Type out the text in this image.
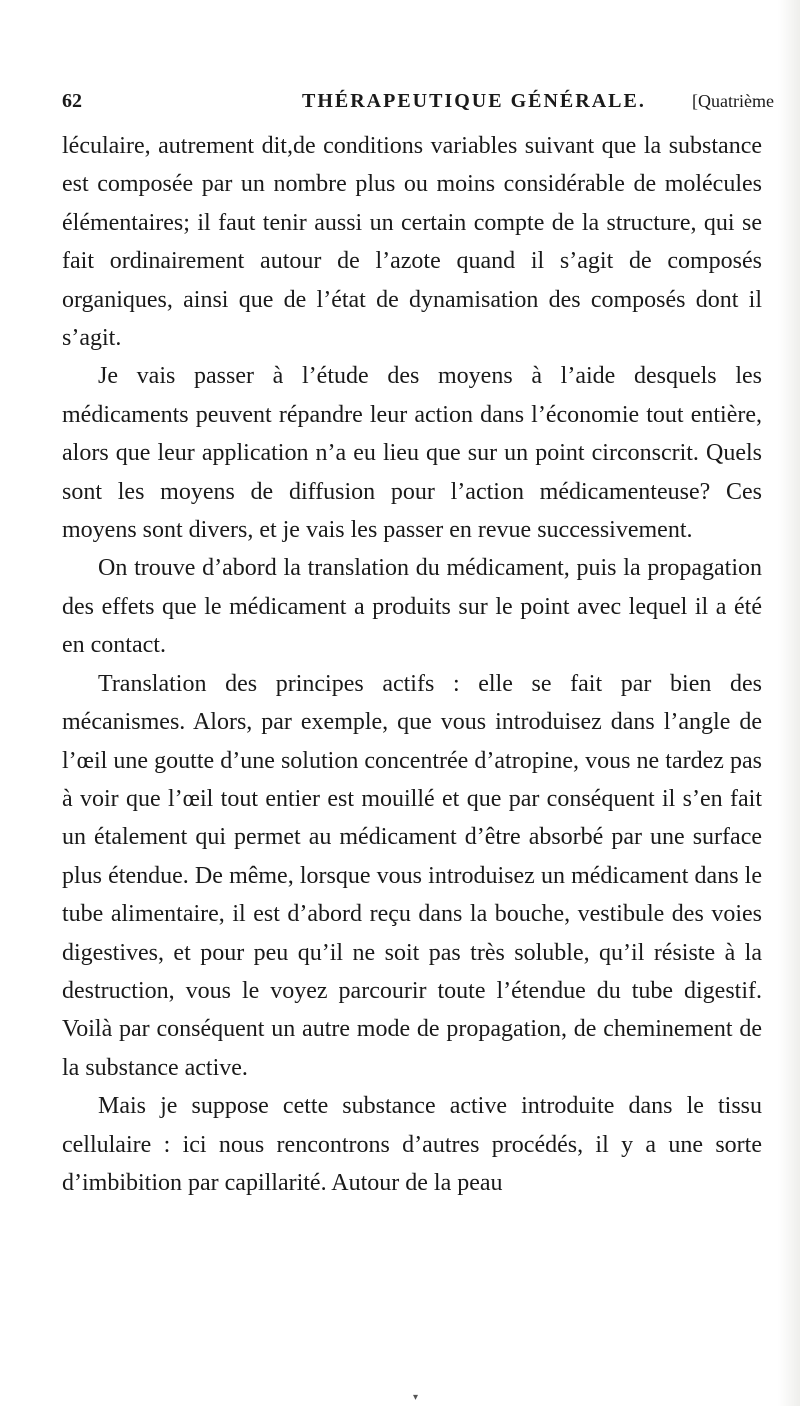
62	THÉRAPEUTIQUE GÉNÉRALE.	[Quatrième

léculaire, autrement dit,de conditions variables suivant que la substance est composée par un nombre plus ou moins considérable de molécules élémentaires; il faut tenir aussi un certain compte de la structure, qui se fait ordinairement autour de l’azote quand il s’agit de composés organiques, ainsi que de l’état de dynamisation des composés dont il s’agit.

Je vais passer à l’étude des moyens à l’aide desquels les médicaments peuvent répandre leur action dans l’économie tout entière, alors que leur application n’a eu lieu que sur un point circonscrit. Quels sont les moyens de diffusion pour l’action médicamenteuse? Ces moyens sont divers, et je vais les passer en revue successivement.

On trouve d’abord la translation du médicament, puis la propagation des effets que le médicament a produits sur le point avec lequel il a été en contact.

Translation des principes actifs : elle se fait par bien des mécanismes. Alors, par exemple, que vous introduisez dans l’angle de l’œil une goutte d’une solution concentrée d’atropine, vous ne tardez pas à voir que l’œil tout entier est mouillé et que par conséquent il s’en fait un étalement qui permet au médicament d’être absorbé par une surface plus étendue. De même, lorsque vous introduisez un médicament dans le tube alimentaire, il est d’abord reçu dans la bouche, vestibule des voies digestives, et pour peu qu’il ne soit pas très soluble, qu’il résiste à la destruction, vous le voyez parcourir toute l’étendue du tube digestif. Voilà par conséquent un autre mode de propagation, de cheminement de la substance active.

Mais je suppose cette substance active introduite dans le tissu cellulaire : ici nous rencontrons d’autres procédés, il y a une sorte d’imbibition par capillarité. Autour de la peau

▾
